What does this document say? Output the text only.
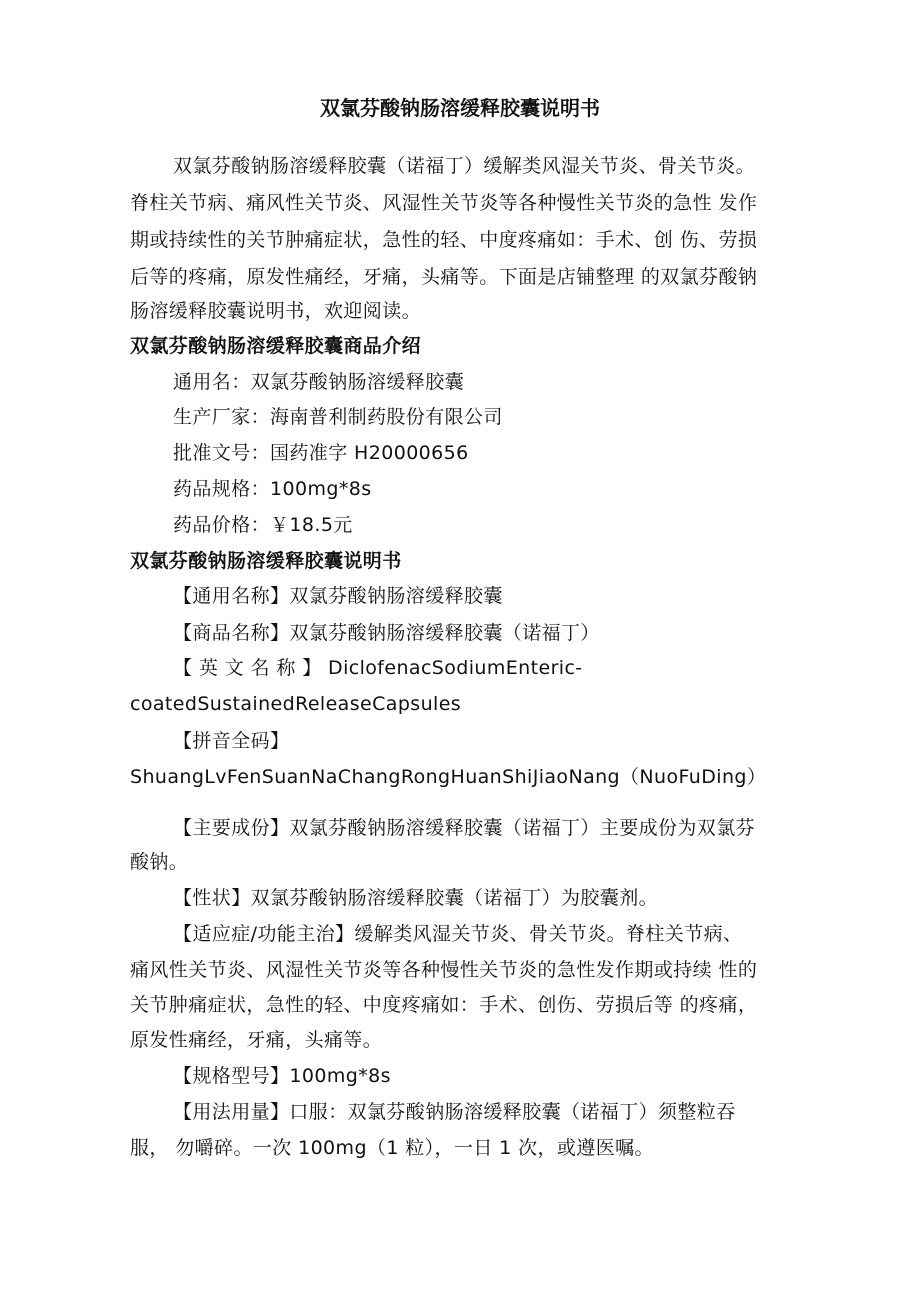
双氯芬酸钠肠溶缓释胶囊说明书
双氯芬酸钠肠溶缓释胶囊（诺福丁）缓解类风湿关节炎、骨关节炎。
脊柱关节病、痛风性关节炎、风湿性关节炎等各种慢性关节炎的急性 发作
期或持续性的关节肿痛症状，急性的轻、中度疼痛如：手术、创 伤、劳损
后等的疼痛，原发性痛经，牙痛，头痛等。下面是店铺整理 的双氯芬酸钠
肠溶缓释胶囊说明书，欢迎阅读。
双氯芬酸钠肠溶缓释胶囊商品介绍
通用名：双氯芬酸钠肠溶缓释胶囊
生产厂家：海南普利制药股份有限公司
批准文号：国药准字 H20000656
药品规格：100mg*8s
药品价格：￥18.5元
双氯芬酸钠肠溶缓释胶囊说明书
【通用名称】双氯芬酸钠肠溶缓释胶囊
【商品名称】双氯芬酸钠肠溶缓释胶囊（诺福丁）
【 英 文 名 称 】 DiclofenacSodiumEnteric-
coatedSustainedReleaseCapsules
【拼音全码】
ShuangLvFenSuanNaChangRongHuanShiJiaoNang（NuoFuDing）
【主要成份】双氯芬酸钠肠溶缓释胶囊（诺福丁）主要成份为双氯芬
酸钠。
【性状】双氯芬酸钠肠溶缓释胶囊（诺福丁）为胶囊剂。
【适应症/功能主治】缓解类风湿关节炎、骨关节炎。脊柱关节病、
痛风性关节炎、风湿性关节炎等各种慢性关节炎的急性发作期或持续 性的
关节肿痛症状，急性的轻、中度疼痛如：手术、创伤、劳损后等 的疼痛，
原发性痛经，牙痛，头痛等。
【规格型号】100mg*8s
【用法用量】口服：双氯芬酸钠肠溶缓释胶囊（诺福丁）须整粒吞
服， 勿嚼碎。一次 100mg（1 粒），一日 1 次，或遵医嘱。
